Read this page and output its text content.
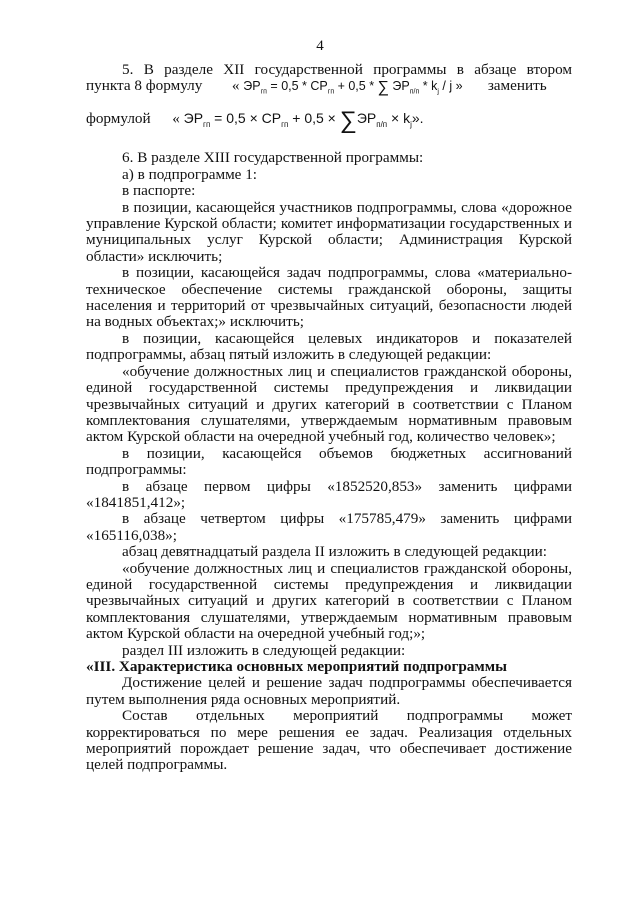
4

5. В разделе XII государственной программы в абзаце втором

пункта 8 формулу « $ЭР_{гп} = 0,5 * СР_{гп} + 0,5$ * ∑ $ЭР_{п/п} * k_j$ / j » заменить
формулой « $ЭР_{гп} = 0,5 \times СР_{гп} + 0,5 \times \sum ЭР_{п/п} \times k_j$».

6. В разделе XIII государственной программы:

а) в подпрограмме 1:

в паспорте:

в позиции, касающейся участников подпрограммы, слова «дорожное управление Курской области; комитет информатизации государственных и муниципальных услуг Курской области; Администрация Курской области» исключить;

в позиции, касающейся задач подпрограммы, слова «материально-техническое обеспечение системы гражданской обороны, защиты населения и территорий от чрезвычайных ситуаций, безопасности людей на водных объектах;» исключить;

в позиции, касающейся целевых индикаторов и показателей подпрограммы, абзац пятый изложить в следующей редакции:

«обучение должностных лиц и специалистов гражданской обороны, единой государственной системы предупреждения и ликвидации чрезвычайных ситуаций и других категорий в соответствии с Планом комплектования слушателями, утверждаемым нормативным правовым актом Курской области на очередной учебный год, количество человек»;

в позиции, касающейся объемов бюджетных ассигнований подпрограммы:

в абзаце первом цифры «1852520,853» заменить цифрами «1841851,412»;

в абзаце четвертом цифры «175785,479» заменить цифрами «165116,038»;

абзац девятнадцатый раздела II изложить в следующей редакции:

«обучение должностных лиц и специалистов гражданской обороны, единой государственной системы предупреждения и ликвидации чрезвычайных ситуаций и других категорий в соответствии с Планом комплектования слушателями, утверждаемым нормативным правовым актом Курской области на очередной учебный год;»;

раздел III изложить в следующей редакции:

«III. Характеристика основных мероприятий подпрограммы

Достижение целей и решение задач подпрограммы обеспечивается путем выполнения ряда основных мероприятий.

Состав отдельных мероприятий подпрограммы может корректироваться по мере решения ее задач. Реализация отдельных мероприятий порождает решение задач, что обеспечивает достижение целей подпрограммы.
